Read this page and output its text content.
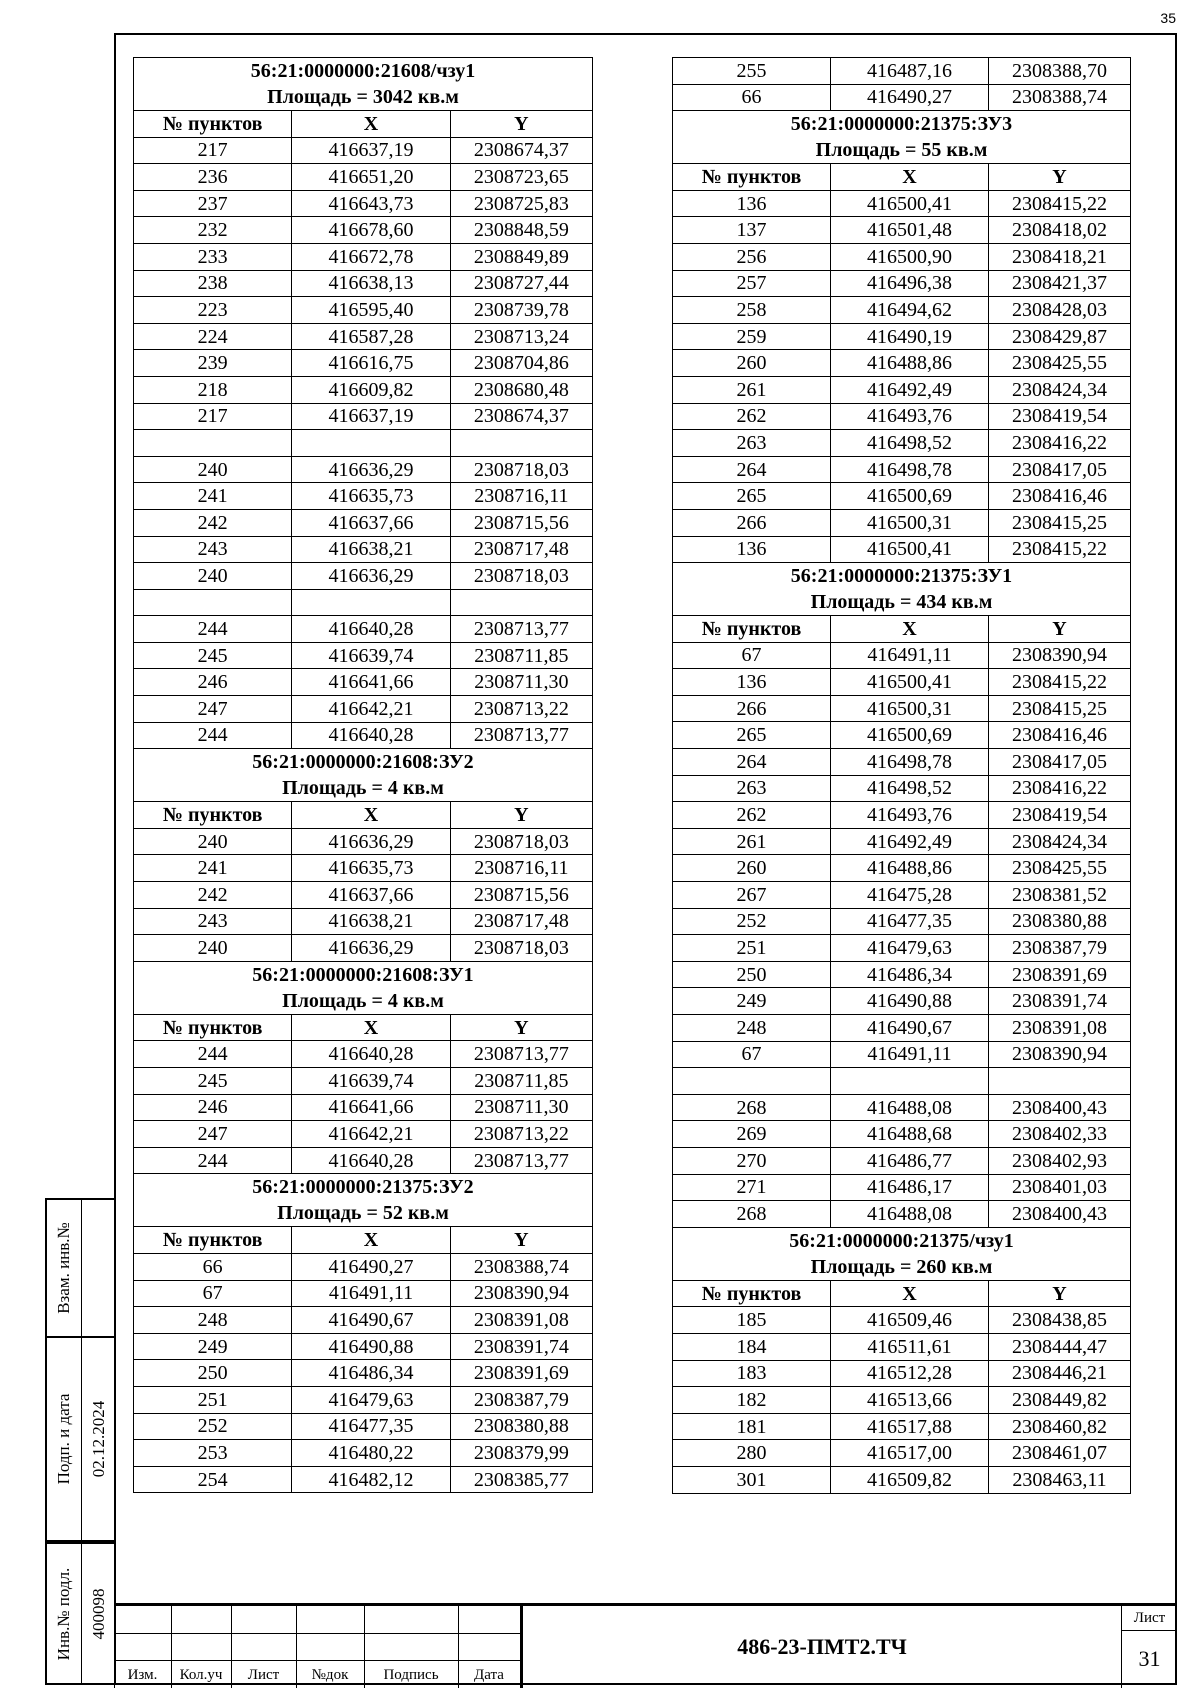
35
56:21:0000000:21608/чзу1
Площадь = 3042 кв.м		

№ пунктов	X	Y
217	416637,19	2308674,37
236	416651,20	2308723,65
237	416643,73	2308725,83
232	416678,60	2308848,59
233	416672,78	2308849,89
238	416638,13	2308727,44
223	416595,40	2308739,78
224	416587,28	2308713,24
239	416616,75	2308704,86
218	416609,82	2308680,48
217	416637,19	2308674,37

240	416636,29	2308718,03
241	416635,73	2308716,11
242	416637,66	2308715,56
243	416638,21	2308717,48
240	416636,29	2308718,03

244	416640,28	2308713,77
245	416639,74	2308711,85
246	416641,66	2308711,30
247	416642,21	2308713,22
244	416640,28	2308713,77

56:21:0000000:21608:ЗУ2
Площадь = 4 кв.м		

№ пунктов	X	Y
240	416636,29	2308718,03
241	416635,73	2308716,11
242	416637,66	2308715,56
243	416638,21	2308717,48
240	416636,29	2308718,03

56:21:0000000:21608:ЗУ1
Площадь = 4 кв.м		

№ пунктов	X	Y
244	416640,28	2308713,77
245	416639,74	2308711,85
246	416641,66	2308711,30
247	416642,21	2308713,22
244	416640,28	2308713,77

56:21:0000000:21375:ЗУ2
Площадь = 52 кв.м		

№ пунктов	X	Y
66	416490,27	2308388,74
67	416491,11	2308390,94
248	416490,67	2308391,08
249	416490,88	2308391,74
250	416486,34	2308391,69
251	416479,63	2308387,79
252	416477,35	2308380,88
253	416480,22	2308379,99
254	416482,12	2308385,77
255	416487,16	2308388,70
66	416490,27	2308388,74

56:21:0000000:21375:ЗУ3
Площадь = 55 кв.м		

№ пунктов	X	Y
136	416500,41	2308415,22
137	416501,48	2308418,02
256	416500,90	2308418,21
257	416496,38	2308421,37
258	416494,62	2308428,03
259	416490,19	2308429,87
260	416488,86	2308425,55
261	416492,49	2308424,34
262	416493,76	2308419,54
263	416498,52	2308416,22
264	416498,78	2308417,05
265	416500,69	2308416,46
266	416500,31	2308415,25
136	416500,41	2308415,22

56:21:0000000:21375:ЗУ1
Площадь = 434 кв.м		

№ пунктов	X	Y
67	416491,11	2308390,94
136	416500,41	2308415,22
266	416500,31	2308415,25
265	416500,69	2308416,46
264	416498,78	2308417,05
263	416498,52	2308416,22
262	416493,76	2308419,54
261	416492,49	2308424,34
260	416488,86	2308425,55
267	416475,28	2308381,52
252	416477,35	2308380,88
251	416479,63	2308387,79
250	416486,34	2308391,69
249	416490,88	2308391,74
248	416490,67	2308391,08
67	416491,11	2308390,94

268	416488,08	2308400,43
269	416488,68	2308402,33
270	416486,77	2308402,93
271	416486,17	2308401,03
268	416488,08	2308400,43

56:21:0000000:21375/чзу1
Площадь = 260 кв.м		

№ пунктов	X	Y
185	416509,46	2308438,85
184	416511,61	2308444,47
183	416512,28	2308446,21
182	416513,66	2308449,82
181	416517,88	2308460,82
280	416517,00	2308461,07
301	416509,82	2308463,11
Взам. инв.№
Подп. и дата 02.12.2024
Инв.№ подл. 400098
Изм.	Кол.уч	Лист	№док	Подпись	Дата
486-23-ПМТ2.ТЧ
Лист
31
